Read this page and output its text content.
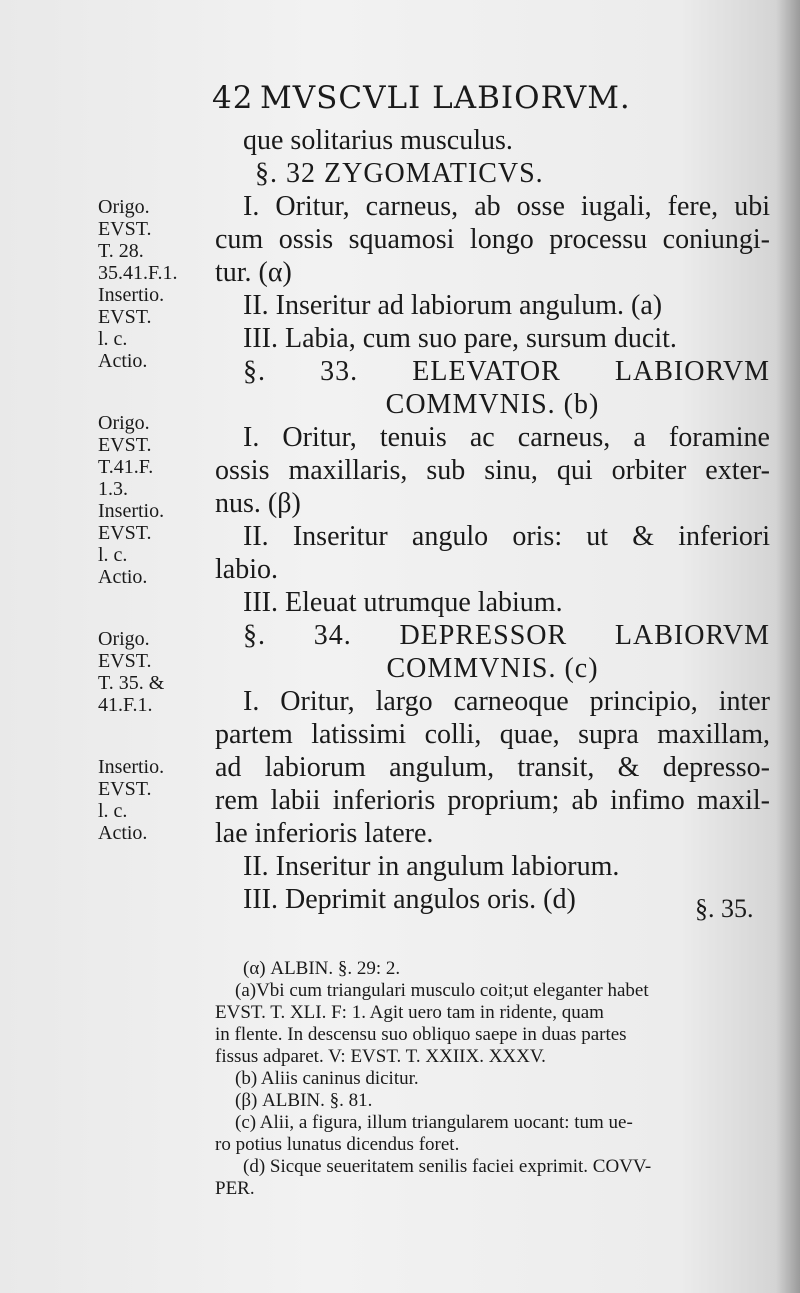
42 MVSCVLI LABIORVM.
que solitarius musculus.
§. 32 ZYGOMATICVS.
I. Oritur, carneus, ab osse iugali, fere, ubi
cum ossis squamosi longo processu coniungi-
tur. (α)
II. Inseritur ad labiorum angulum. (a)
III. Labia, cum suo pare, sursum ducit.
§. 33. ELEVATOR LABIORVM
COMMVNIS. (b)
I. Oritur, tenuis ac carneus, a foramine
ossis maxillaris, sub sinu, qui orbiter exter-
nus. (β)
II. Inseritur angulo oris: ut & inferiori
labio.
III. Eleuat utrumque labium.
§. 34. DEPRESSOR LABIORVM
COMMVNIS. (c)
I. Oritur, largo carneoque principio, inter
partem latissimi colli, quae, supra maxillam,
ad labiorum angulum, transit, & depresso-
rem labii inferioris proprium; ab infimo maxil-
lae inferioris latere.
II. Inseritur in angulum labiorum.
III. Deprimit angulos oris. (d)
Origo.
EVST.
T. 28.
35.41.F.1.
Insertio.
EVST.
l. c.
Actio.
Origo.
EVST.
T.41.F.
1.3.
Insertio.
EVST.
l. c.
Actio.
Origo.
EVST.
T. 35. &
41.F.1.
Insertio.
EVST.
l. c.
Actio.
§. 35.
(α) ALBIN. §. 29: 2.
(a)Vbi cum triangulari musculo coit;ut eleganter habet
EVST. T. XLI. F: 1. Agit uero tam in ridente, quam
in flente. In descensu suo obliquo saepe in duas partes
fissus adparet. V: EVST. T. XXIIX. XXXV.
(b) Aliis caninus dicitur.
(β) ALBIN. §. 81.
(c) Alii, a figura, illum triangularem uocant: tum ue-
ro potius lunatus dicendus foret.
(d) Sicque seueritatem senilis faciei exprimit. COVV-
PER.
